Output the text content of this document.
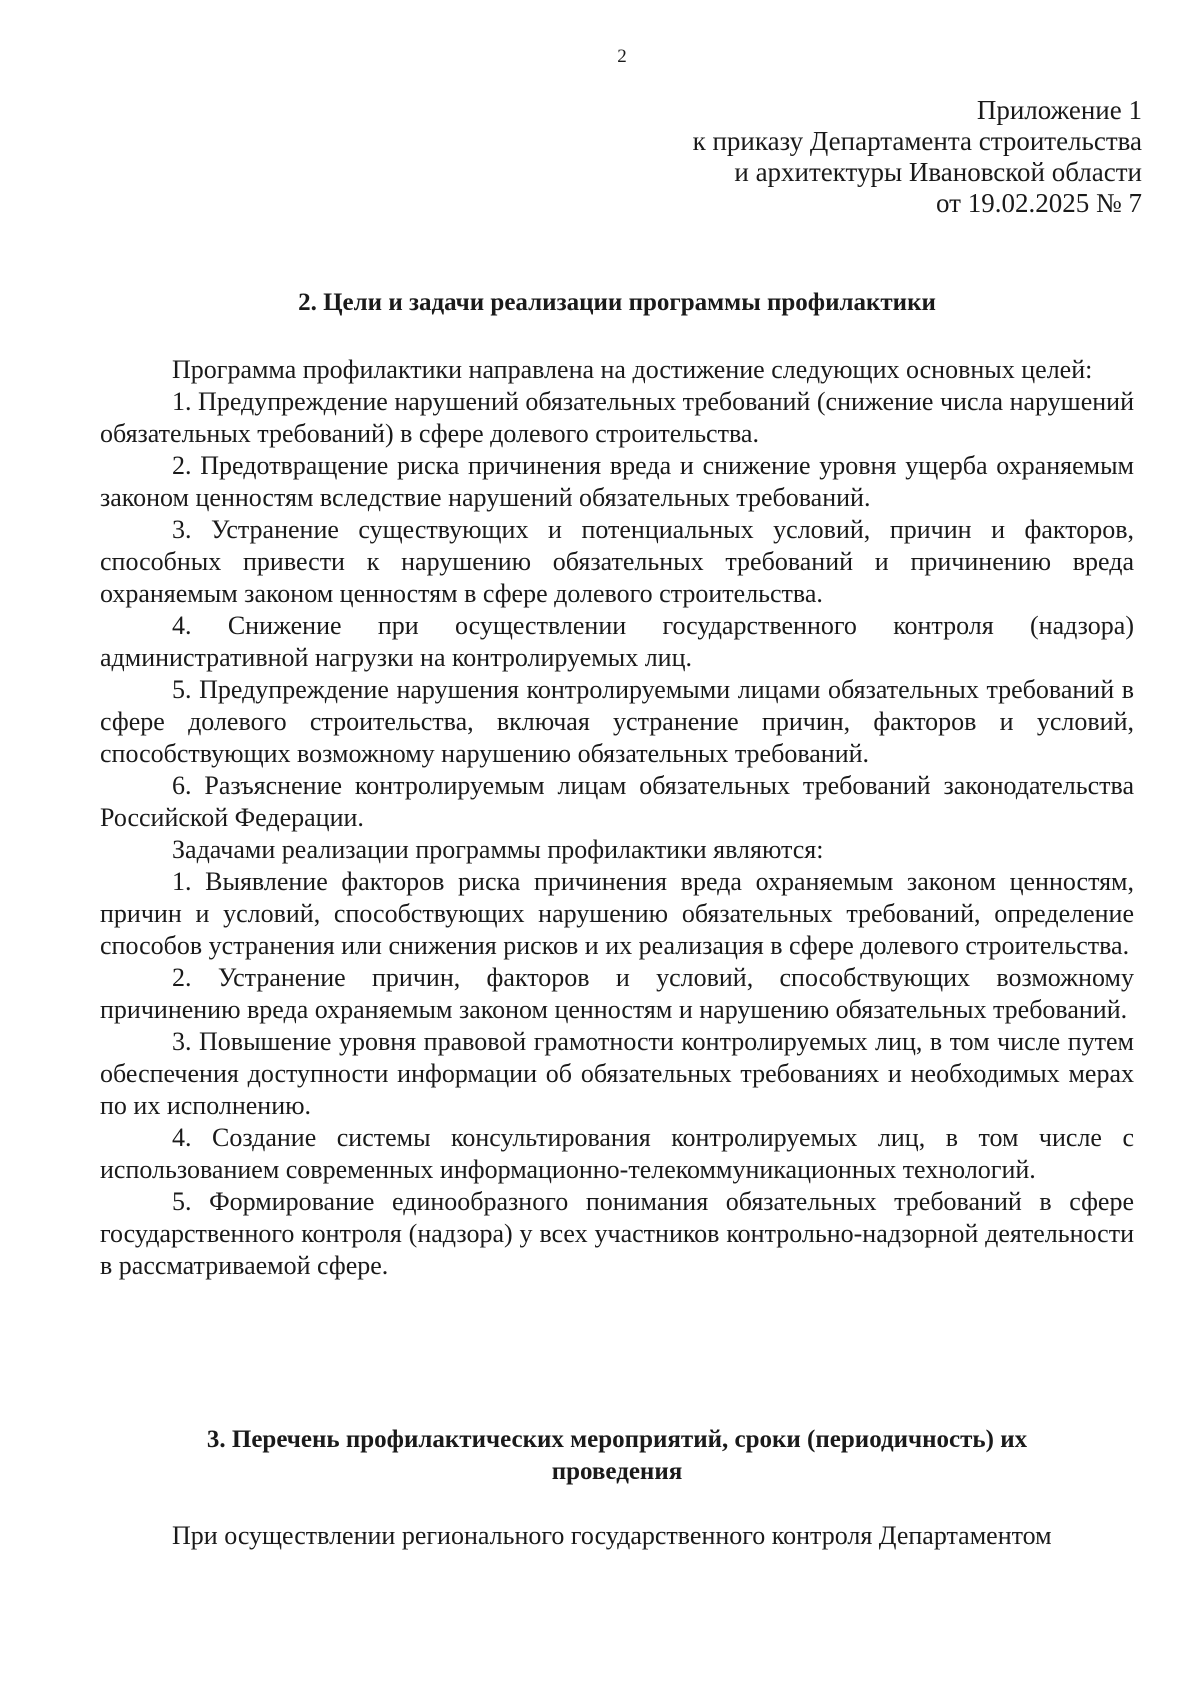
2
Приложение 1
к приказу Департамента строительства
и архитектуры Ивановской области
от 19.02.2025 № 7
2. Цели и задачи реализации программы профилактики

Программа профилактики направлена на достижение следующих основных целей:

1. Предупреждение нарушений обязательных требований (снижение числа нарушений обязательных требований) в сфере долевого строительства.

2. Предотвращение риска причинения вреда и снижение уровня ущерба охраняемым законом ценностям вследствие нарушений обязательных требований.

3. Устранение существующих и потенциальных условий, причин и факторов, способных привести к нарушению обязательных требований и причинению вреда охраняемым законом ценностям в сфере долевого строительства.

4. Снижение при осуществлении государственного контроля (надзора) административной нагрузки на контролируемых лиц.

5. Предупреждение нарушения контролируемыми лицами обязательных требований в сфере долевого строительства, включая устранение причин, факторов и условий, способствующих возможному нарушению обязательных требований.

6. Разъяснение контролируемым лицам обязательных требований законодательства Российской Федерации.

Задачами реализации программы профилактики являются:

1. Выявление факторов риска причинения вреда охраняемым законом ценностям, причин и условий, способствующих нарушению обязательных требований, определение способов устранения или снижения рисков и их реализация в сфере долевого строительства.

2. Устранение причин, факторов и условий, способствующих возможному причинению вреда охраняемым законом ценностям и нарушению обязательных требований.

3. Повышение уровня правовой грамотности контролируемых лиц, в том числе путем обеспечения доступности информации об обязательных требованиях и необходимых мерах по их исполнению.

4. Создание системы консультирования контролируемых лиц, в том числе с использованием современных информационно-телекоммуникационных технологий.

5. Формирование единообразного понимания обязательных требований в сфере государственного контроля (надзора) у всех участников контрольно-надзорной деятельности в рассматриваемой сфере.

3. Перечень профилактических мероприятий, сроки (периодичность) их
проведения
При осуществлении регионального государственного контроля Департаментом
